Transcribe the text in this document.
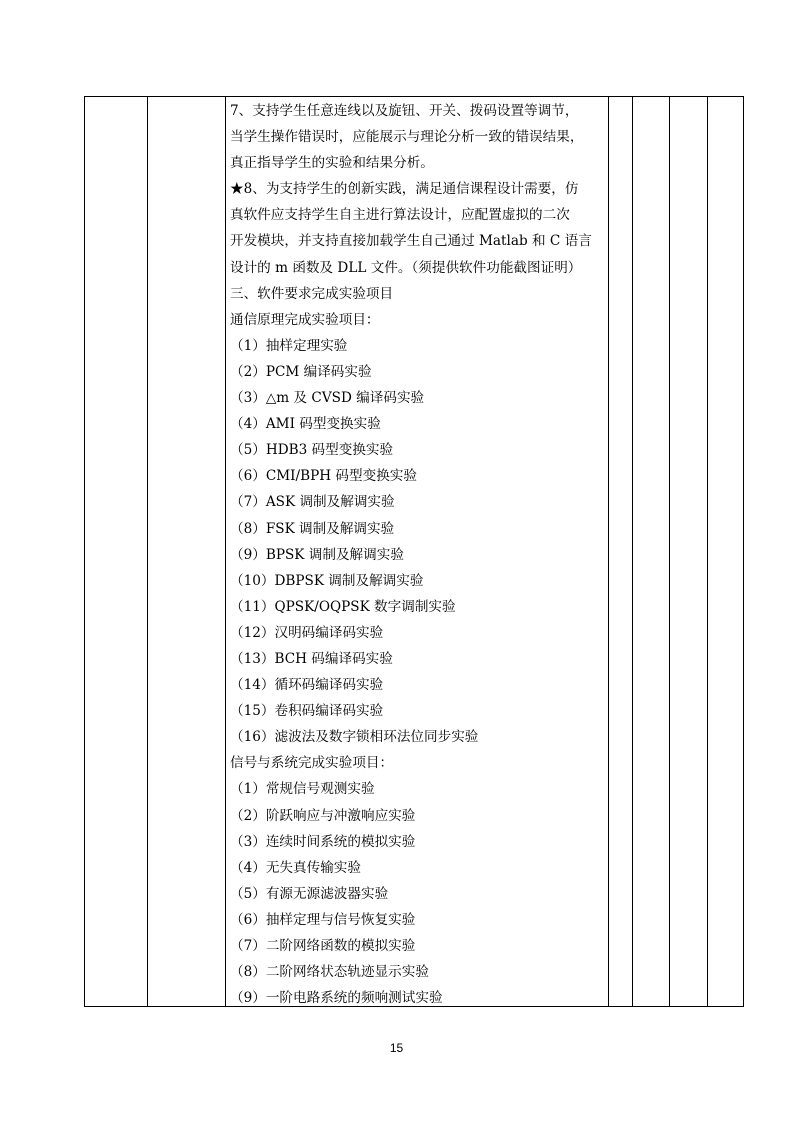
7、支持学生任意连线以及旋钮、开关、拨码设置等调节，
当学生操作错误时，应能展示与理论分析一致的错误结果，
真正指导学生的实验和结果分析。
★8、为支持学生的创新实践，满足通信课程设计需要，仿
真软件应支持学生自主进行算法设计，应配置虚拟的二次
开发模块，并支持直接加载学生自己通过 Matlab 和 C 语言
设计的 m 函数及 DLL 文件。（须提供软件功能截图证明）
三、软件要求完成实验项目
通信原理完成实验项目：
（1）抽样定理实验
（2）PCM 编译码实验
（3）△m 及 CVSD 编译码实验
（4）AMI 码型变换实验
（5）HDB3 码型变换实验
（6）CMI/BPH 码型变换实验
（7）ASK 调制及解调实验
（8）FSK 调制及解调实验
（9）BPSK 调制及解调实验
（10）DBPSK 调制及解调实验
（11）QPSK/OQPSK 数字调制实验
（12）汉明码编译码实验
（13）BCH 码编译码实验
（14）循环码编译码实验
（15）卷积码编译码实验
（16）滤波法及数字锁相环法位同步实验
信号与系统完成实验项目：
（1）常规信号观测实验
（2）阶跃响应与冲激响应实验
（3）连续时间系统的模拟实验
（4）无失真传输实验
（5）有源无源滤波器实验
（6）抽样定理与信号恢复实验
（7）二阶网络函数的模拟实验
（8）二阶网络状态轨迹显示实验
（9）一阶电路系统的频响测试实验
15
